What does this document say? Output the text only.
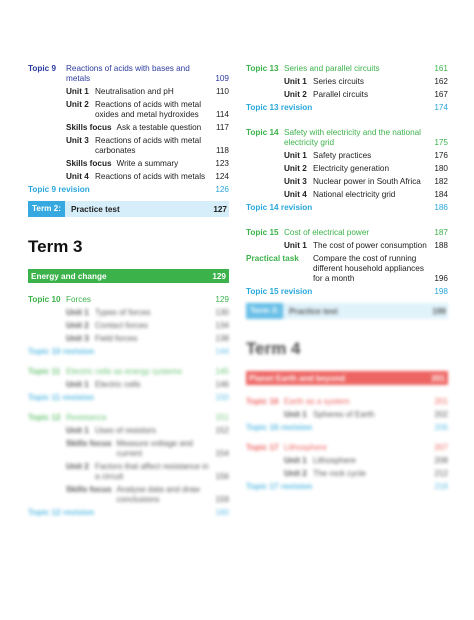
Topic 9	Reactions of acids with bases and metals	109
Unit 1 Neutralisation and pH	110
Unit 2 Reactions of acids with metal oxides and metal hydroxides	114
Skills focus Ask a testable question	117
Unit 3 Reactions of acids with metal carbonates	118
Skills focus Write a summary	123
Unit 4 Reactions of acids with metals	124
Topic 9 revision	126
Term 2:	Practice test	127
Term 3
Energy and change	129
Topic 10 Forces	129
Unit 1 Types of forces	130
Unit 2 Contact forces	134
Unit 3 Field forces	138
Topic 10 revision	144
Topic 11 Electric cells as energy systems	145
Unit 1 Electric cells	146
Topic 11 revision	150
Topic 12 Resistance	151
Unit 1 Uses of resistors	152
Skills focus Measure voltage and current	154
Unit 2 Factors that affect resistance in a circuit	156
Skills focus Analyse data and draw conclusions	159
Topic 12 revision	160
Topic 13 Series and parallel circuits	161
Unit 1 Series circuits	162
Unit 2 Parallel circuits	167
Topic 13 revision	174
Topic 14 Safety with electricity and the national electricity grid	175
Unit 1 Safety practices	176
Unit 2 Electricity generation	180
Unit 3 Nuclear power in South Africa	182
Unit 4 National electricity grid	184
Topic 14 revision	186
Topic 15 Cost of electrical power	187
Unit 1 The cost of power consumption 188
Practical task	Compare the cost of running different household appliances for a month	196
Topic 15 revision	198
Term 3:	Practice test	199
Term 4
Planet Earth and beyond	201
Topic 16 Earth as a system	201
Unit 1 Spheres of Earth	202
Topic 16 revision	206
Topic 17 Lithosphere	207
Unit 1 Lithosphere	208
Unit 2 The rock cycle	212
Topic 17 revision	218
